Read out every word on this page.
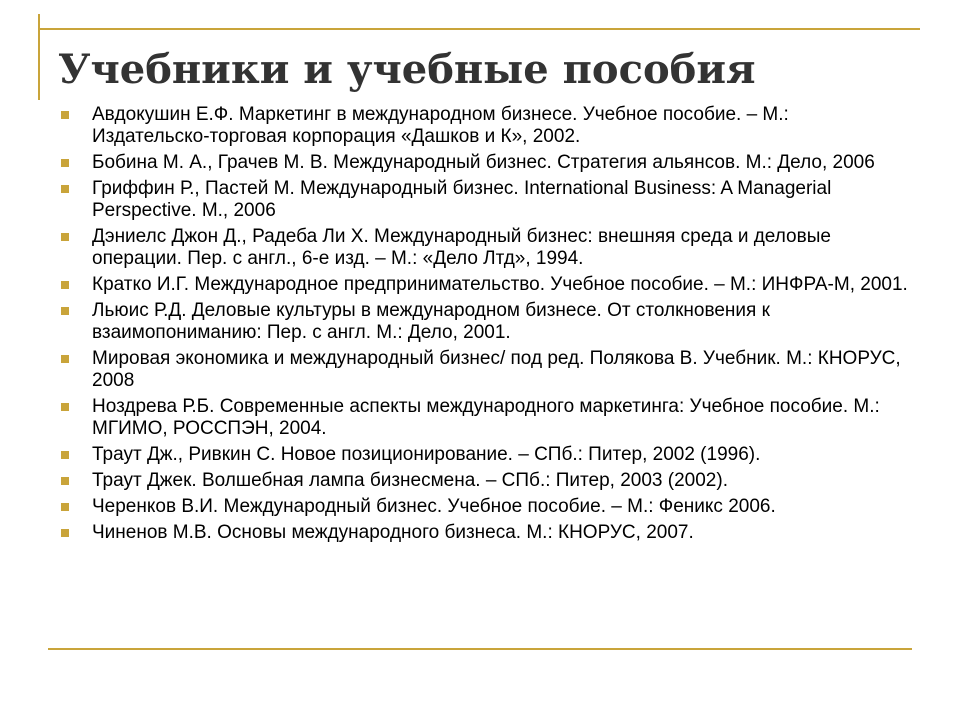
Учебники и учебные пособия
Авдокушин Е.Ф. Маркетинг в международном бизнесе. Учебное пособие. – М.: Издательско-торговая корпорация «Дашков и К», 2002.
Бобина М. А., Грачев М. В. Международный бизнес. Стратегия альянсов. М.: Дело, 2006
Гриффин Р., Пастей М. Международный бизнес. International Business: A Managerial Perspective. М., 2006
Дэниелс Джон Д., Радеба Ли Х. Международный бизнес: внешняя среда и деловые операции. Пер. с англ., 6-е изд. – М.: «Дело Лтд», 1994.
Кратко И.Г. Международное предпринимательство. Учебное пособие. – М.: ИНФРА-М, 2001.
Льюис Р.Д. Деловые культуры в международном бизнесе. От столкновения к взаимопониманию: Пер. с англ. М.: Дело, 2001.
Мировая экономика и международный бизнес/ под ред. Полякова В. Учебник. М.: КНОРУС, 2008
Ноздрева Р.Б. Современные аспекты международного маркетинга: Учебное пособие. М.: МГИМО, РОССПЭН, 2004.
Траут Дж., Ривкин С. Новое позиционирование. – СПб.: Питер, 2002 (1996).
Траут Джек. Волшебная лампа бизнесмена. – СПб.: Питер, 2003 (2002).
Черенков В.И. Международный бизнес. Учебное пособие. – М.: Феникс 2006.
Чиненов М.В. Основы международного бизнеса. М.: КНОРУС, 2007.
